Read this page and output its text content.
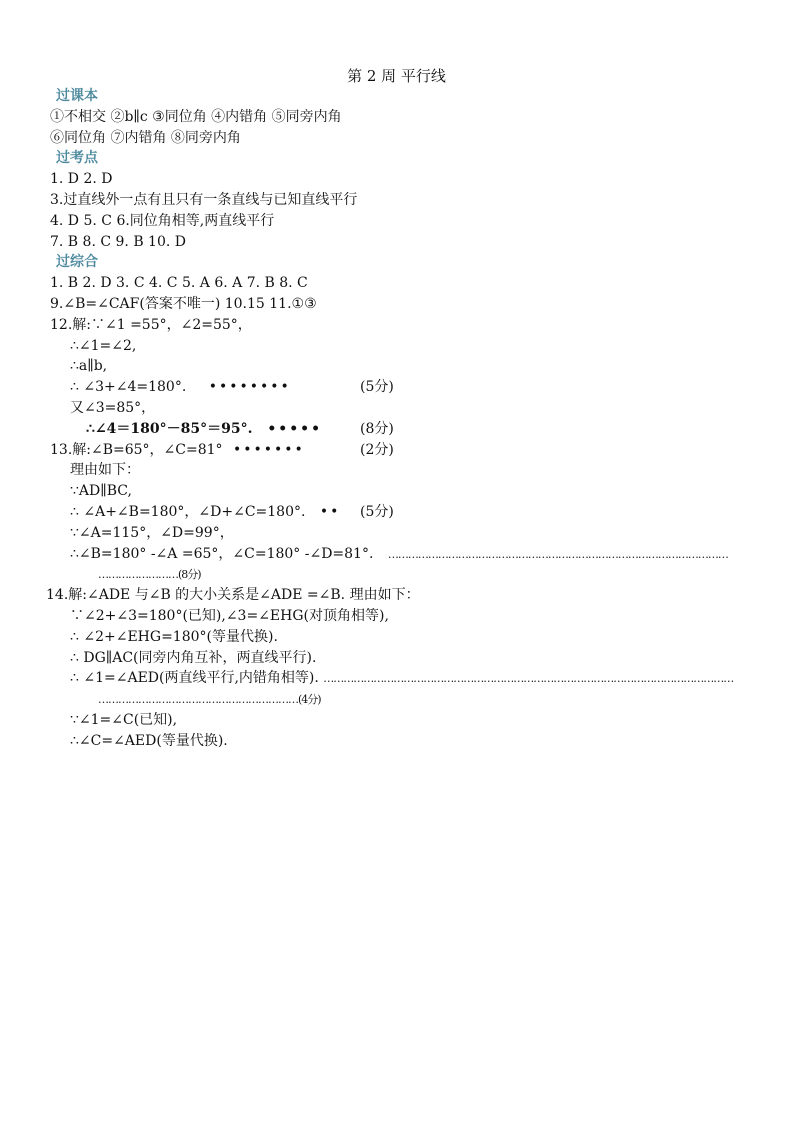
第 2 周 平行线
过课本
①不相交 ②b∥c ③同位角 ④内错角 ⑤同旁内角
⑥同位角 ⑦内错角 ⑧同旁内角
过考点
1. D 2. D
3.过直线外一点有且只有一条直线与已知直线平行
4. D 5. C 6.同位角相等,两直线平行
7. B 8. C 9. B 10. D
过综合
1. B 2. D 3. C 4. C 5. A 6. A 7. B 8. C
9.∠B=∠CAF(答案不唯一) 10.15 11.①③
12.解:∵∠1 =55°，∠2=55°，
∴∠1=∠2,
∴a∥b,
∴ ∠3+∠4=180°. ••••••••	(5分)
又∠3=85°，
∴∠4＝180°－85°＝95°. •••••	(8分)
13.解:∠B=65°，∠C=81° •••••••	(2分)
理由如下：
∵AD∥BC,
∴ ∠A+∠B=180°，∠D+∠C=180°. •• (5分)
∵∠A=115°，∠D=99°，
∴∠B=180° -∠A =65°，∠C=180° -∠D=81°. …………………………………………………………………………………………
……………………(8分)
14.解:∠ADE 与∠B 的大小关系是∠ADE =∠B. 理由如下：
∵∠2+∠3=180°(已知),∠3=∠EHG(对顶角相等),
∴ ∠2+∠EHG=180°(等量代换).
∴ DG∥AC(同旁内角互补，两直线平行).
∴ ∠1=∠AED(两直线平行,内错角相等). ……………………………………………………………………………………………………………
……………………………………………………(4分)
∵∠1=∠C(已知),
∴∠C=∠AED(等量代换).
